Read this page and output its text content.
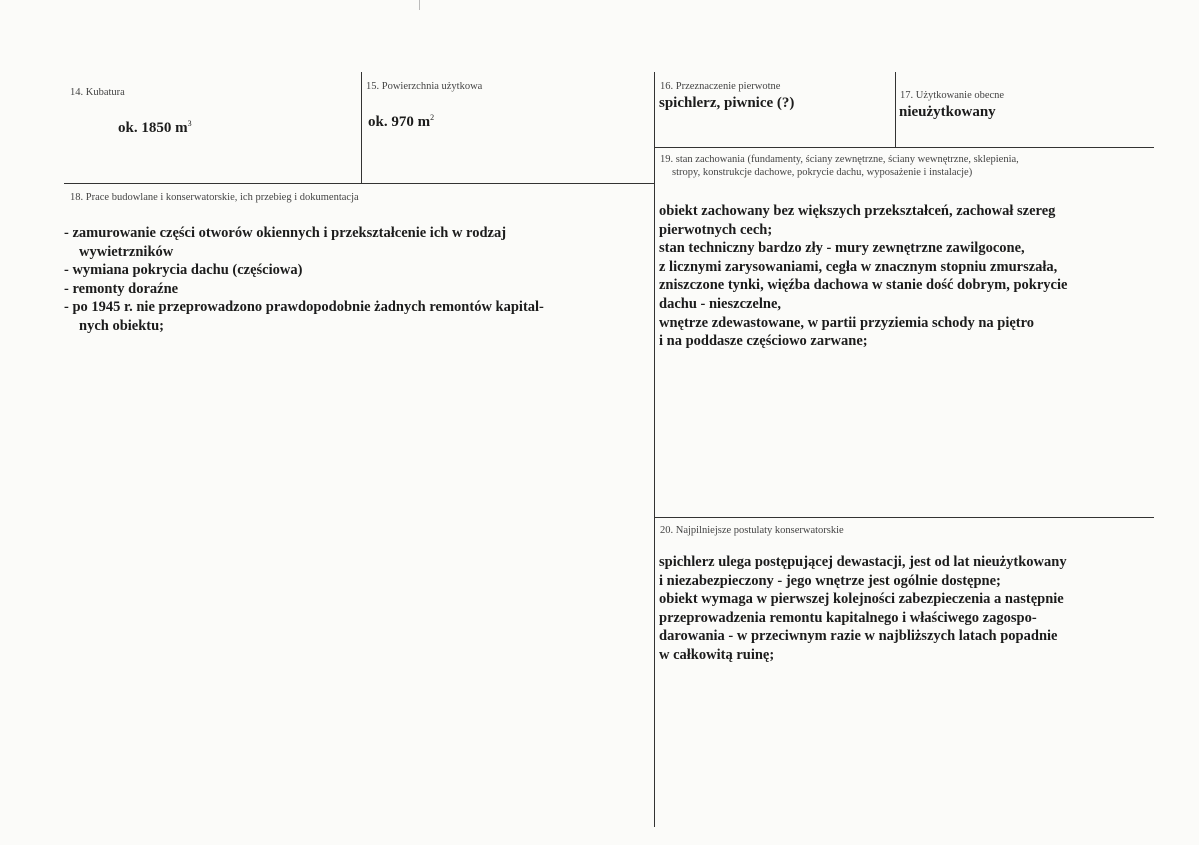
14. Kubatura
ok. 1850 $m^3$
15. Powierzchnia użytkowa
ok. 970 $m^2$
16. Przeznaczenie pierwotne
spichlerz, piwnice (?)	17. Użytkowanie obecne
nieużytkowany
18. Prace budowlane i konserwatorskie, ich przebieg i dokumentacja
- zamurowanie części otworów okiennych i przekształcenie ich w rodzaj
wywietrzników
- wymiana pokrycia dachu (częściowa)
- remonty doraźne
- po 1945 r. nie przeprowadzono prawdopodobnie żadnych remontów kapital-
nych obiektu;
19. stan zachowania (fundamenty, ściany zewnętrzne, ściany wewnętrzne, sklepienia,
stropy, konstrukcje dachowe, pokrycie dachu, wyposażenie i instalacje)
obiekt zachowany bez większych przekształceń, zachował szereg
pierwotnych cech;
stan techniczny bardzo zły - mury zewnętrzne zawilgocone,
z licznymi zarysowaniami, cegła w znacznym stopniu zmurszała,
zniszczone tynki, więźba dachowa w stanie dość dobrym, pokrycie
dachu - nieszczelne,
wnętrze zdewastowane, w partii przyziemia schody na piętro
i na poddasze częściowo zarwane;
20. Najpilniejsze postulaty konserwatorskie
spichlerz ulega postępującej dewastacji, jest od lat nieużytkowany
i niezabezpieczony - jego wnętrze jest ogólnie dostępne;
obiekt wymaga w pierwszej kolejności zabezpieczenia a następnie
przeprowadzenia remontu kapitalnego i właściwego zagospo-
darowania - w przeciwnym razie w najbliższych latach popadnie
w całkowitą ruinę;
